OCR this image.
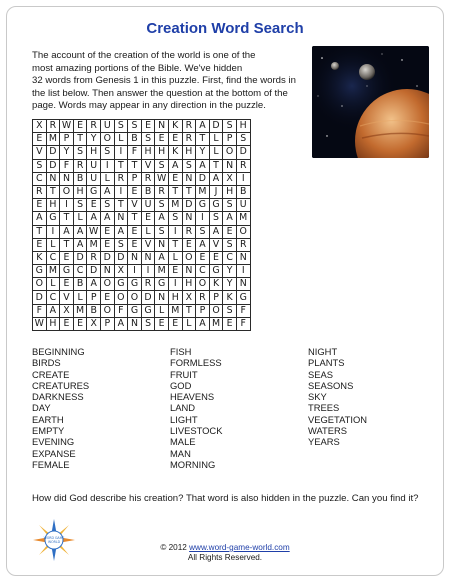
Creation Word Search
The account of the creation of the world is one of the
most amazing portions of the Bible. We've hidden
32 words from Genesis 1 in this puzzle. First, find the words in
the list below. Then answer the question at the bottom of the
page. Words may appear in any direction in the puzzle.
X	R	W	E	R	U	S	S	E	N	K	R	A	D	S	H
E	M	P	T	Y	O	L	B	S	E	E	R	T	L	P	S
V	D	Y	S	H	S	I	F	H	H	K	H	Y	L	O	D
S	D	F	R	U	I	T	T	V	S	A	S	A	T	N	R
C	N	N	B	U	L	R	P	R	W	E	N	D	A	X	I
R	T	O	H	G	A	I	E	B	R	T	T	M	J	H	B
E	H	I	S	E	S	T	V	U	S	M	D	G	G	S	U
A	G	T	L	A	A	N	T	E	A	S	N	I	S	A	M
T	I	A	A	W	E	A	E	L	S	I	R	S	A	E	O
E	L	T	A	M	E	S	E	V	N	T	E	A	V	S	R
K	C	E	D	R	D	D	N	N	A	L	O	E	E	C	N
G	M	G	C	D	N	X	I	I	M	E	N	C	G	Y	I
O	L	E	B	A	O	G	G	R	G	I	H	O	K	Y	N
D	C	V	L	P	E	O	O	D	N	H	X	R	P	K	G
F	A	X	M	B	O	F	G	G	L	M	T	P	O	S	F
W	H	E	E	X	P	A	N	S	E	E	L	A	M	E	F
BEGINNING
BIRDS
CREATE
CREATURES
DARKNESS
DAY
EARTH
EMPTY
EVENING
EXPANSE
FEMALE
FISH
FORMLESS
FRUIT
GOD
HEAVENS
LAND
LIGHT
LIVESTOCK
MALE
MAN
MORNING
NIGHT
PLANTS
SEAS
SEASONS
SKY
TREES
VEGETATION
WATERS
YEARS
How did God describe his creation? That word is also hidden in the puzzle. Can you find it?
WORD GAME
WORLD
© 2012 www.word-game-world.com
All Rights Reserved.
